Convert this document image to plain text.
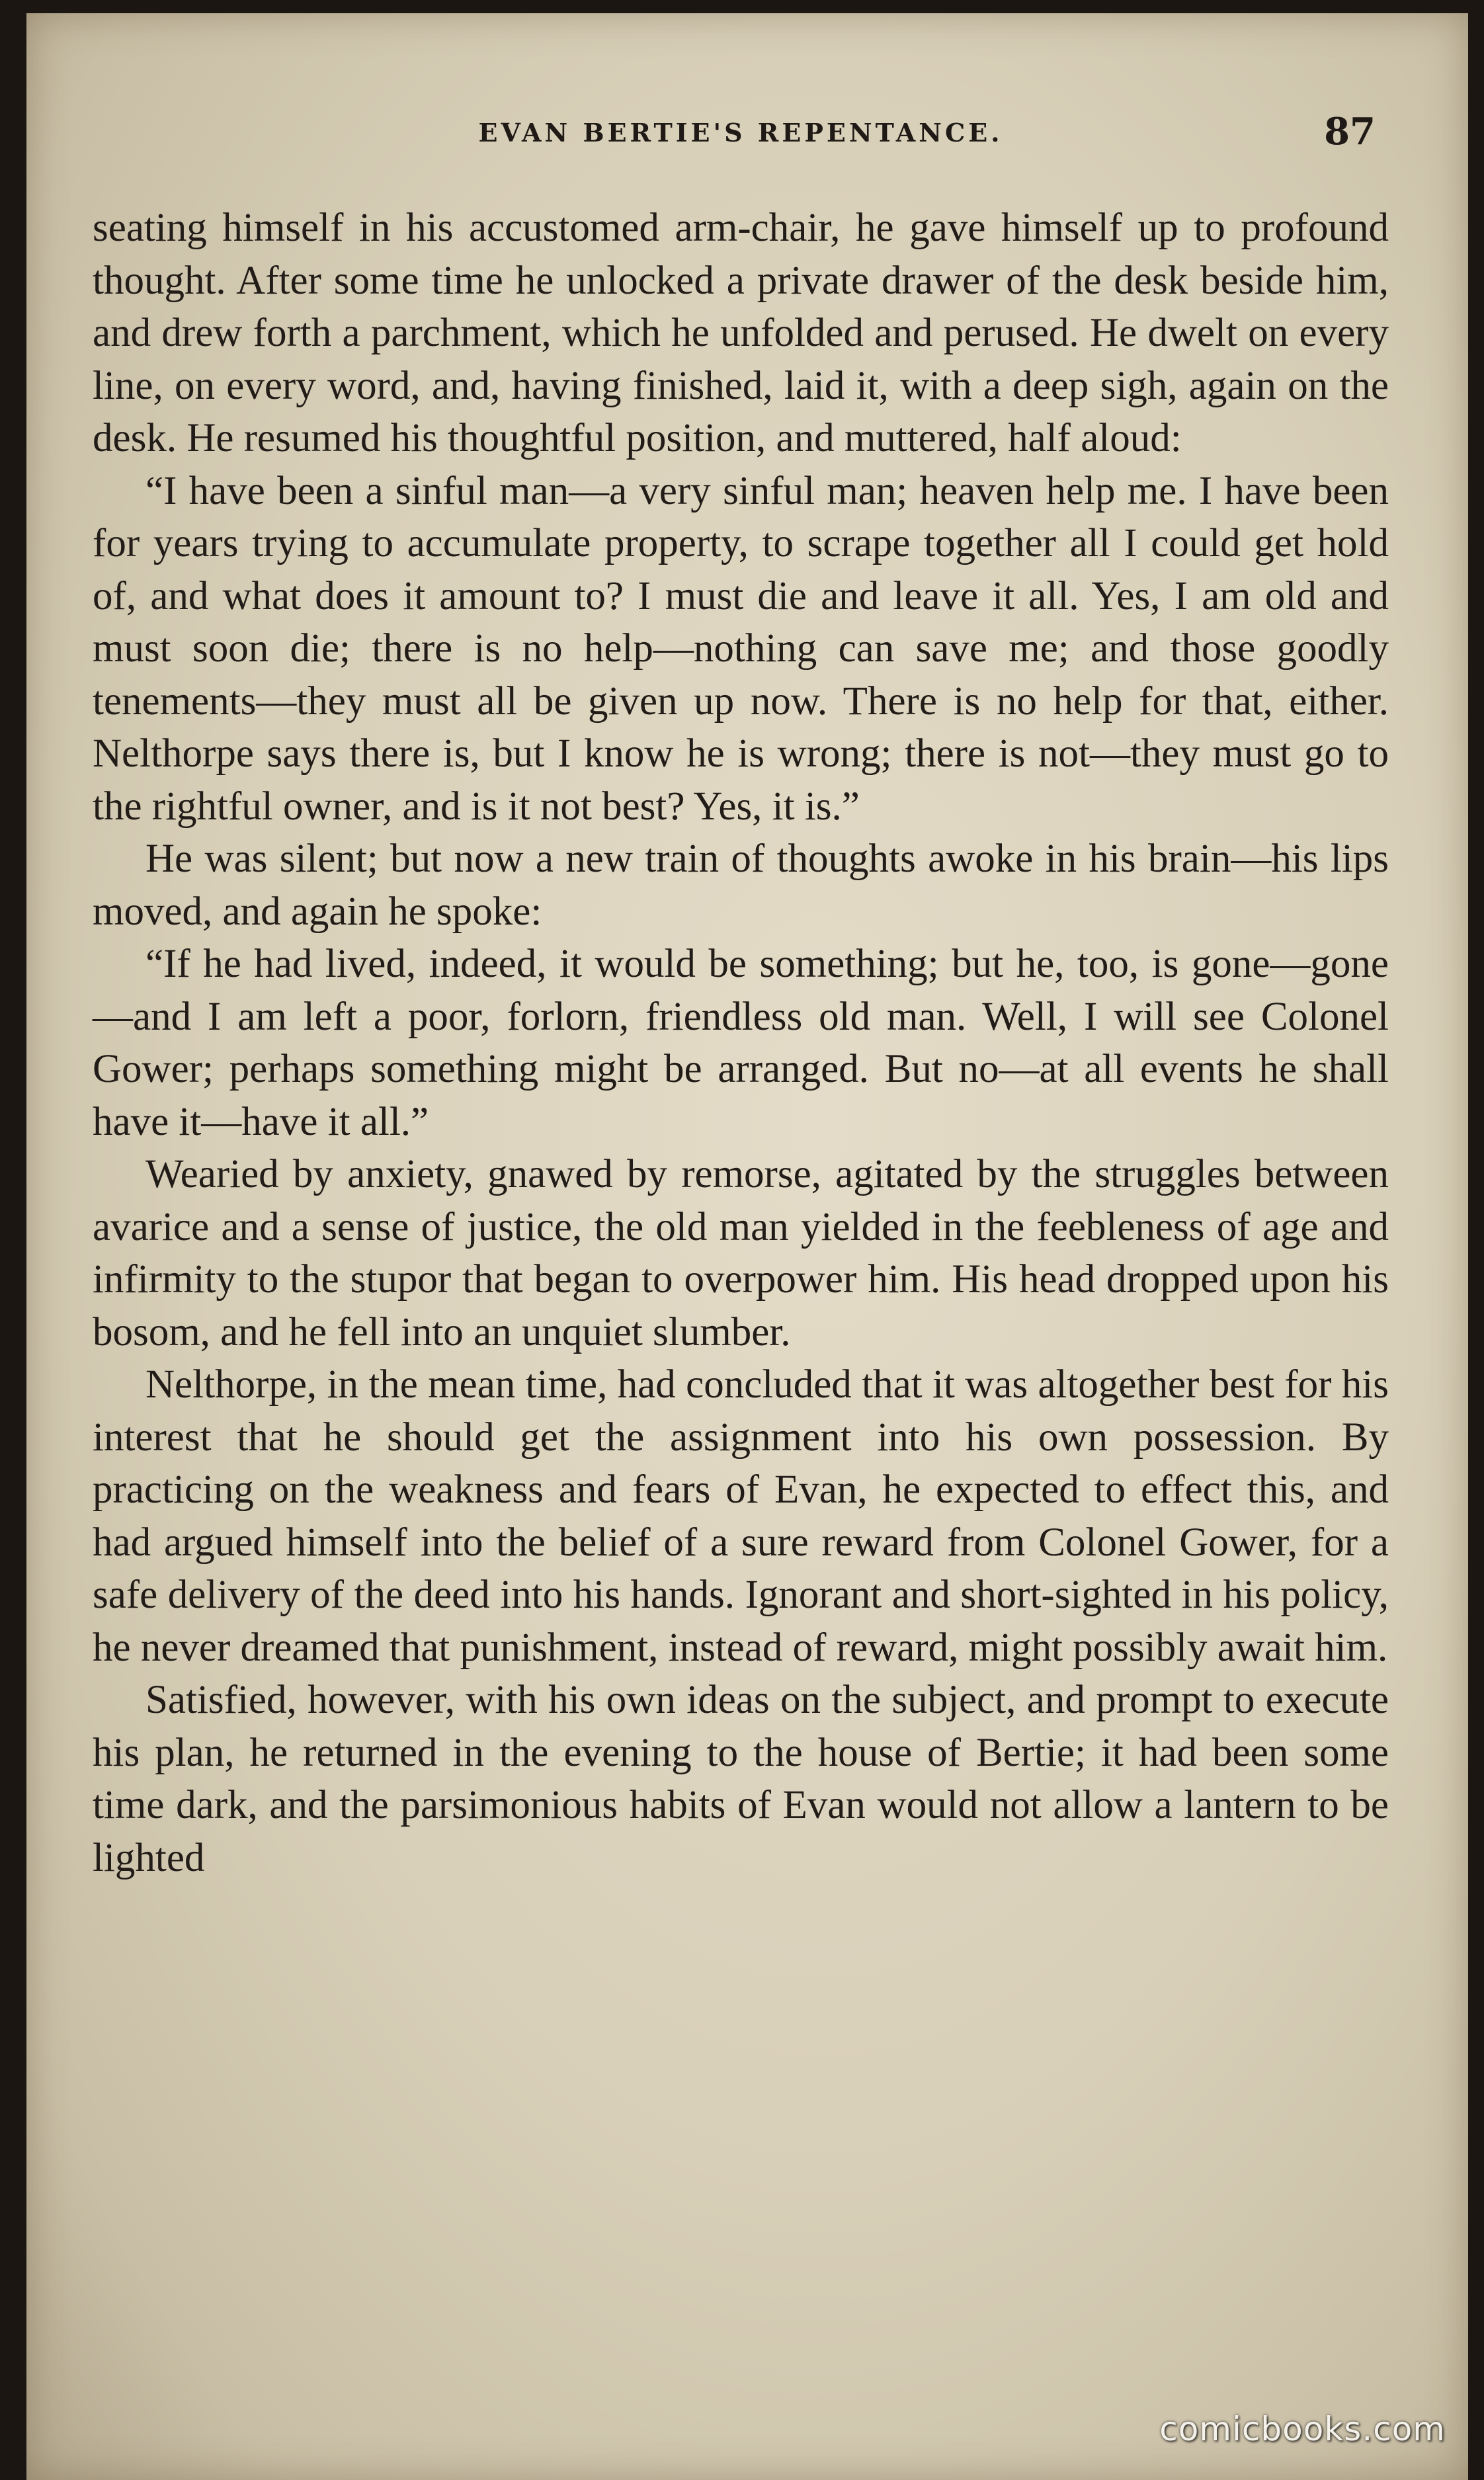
EVAN BERTIE'S REPENTANCE.	87

seating himself in his accustomed arm-chair, he gave himself up to profound thought. After some time he unlocked a private drawer of the desk beside him, and drew forth a parchment, which he unfolded and perused. He dwelt on every line, on every word, and, having finished, laid it, with a deep sigh, again on the desk. He resumed his thoughtful position, and muttered, half aloud:

“I have been a sinful man—a very sinful man; heaven help me. I have been for years trying to accumulate property, to scrape together all I could get hold of, and what does it amount to? I must die and leave it all. Yes, I am old and must soon die; there is no help—nothing can save me; and those goodly tenements—they must all be given up now. There is no help for that, either. Nelthorpe says there is, but I know he is wrong; there is not—they must go to the rightful owner, and is it not best? Yes, it is.”

He was silent; but now a new train of thoughts awoke in his brain—his lips moved, and again he spoke:

“If he had lived, indeed, it would be something; but he, too, is gone—gone—and I am left a poor, forlorn, friendless old man. Well, I will see Colonel Gower; perhaps something might be arranged. But no—at all events he shall have it—have it all.”

Wearied by anxiety, gnawed by remorse, agitated by the struggles between avarice and a sense of justice, the old man yielded in the feebleness of age and infirmity to the stupor that began to overpower him. His head dropped upon his bosom, and he fell into an unquiet slumber.

Nelthorpe, in the mean time, had concluded that it was altogether best for his interest that he should get the assignment into his own possession. By practicing on the weakness and fears of Evan, he expected to effect this, and had argued himself into the belief of a sure reward from Colonel Gower, for a safe delivery of the deed into his hands. Ignorant and short-sighted in his policy, he never dreamed that punishment, instead of reward, might possibly await him.

Satisfied, however, with his own ideas on the subject, and prompt to execute his plan, he returned in the evening to the house of Bertie; it had been some time dark, and the parsimonious habits of Evan would not allow a lantern to be lighted

comicbooks.com
